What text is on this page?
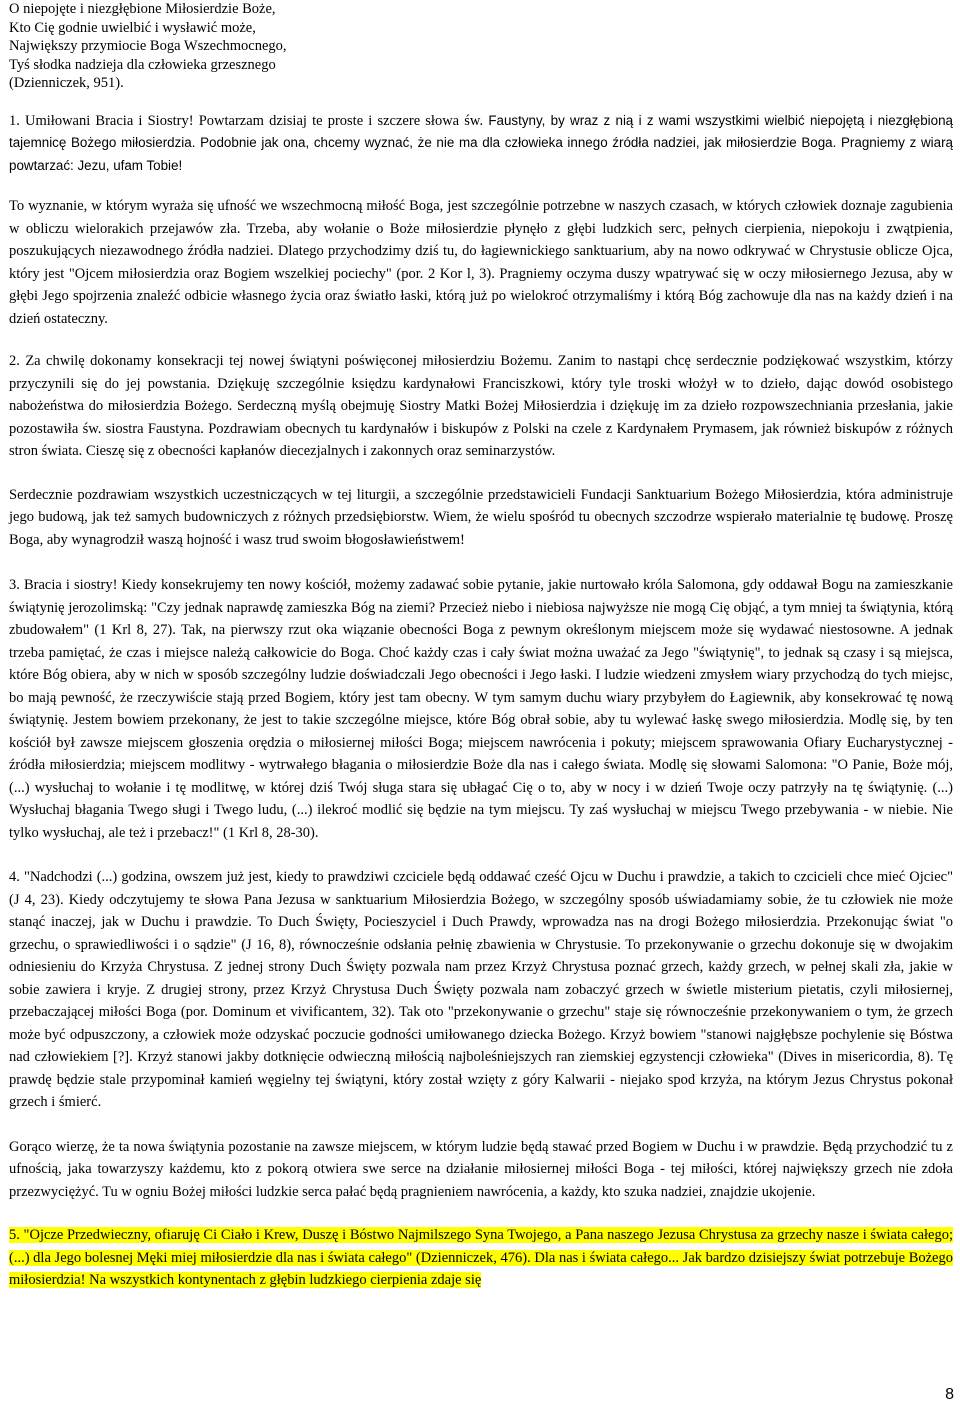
O niepojęte i niezgłębione Miłosierdzie Boże,
Kto Cię godnie uwielbić i wysławić może,
Największy przymiocie Boga Wszechmocnego,
Tyś słodka nadzieja dla człowieka grzesznego
(Dzienniczek, 951).
1. Umiłowani Bracia i Siostry! Powtarzam dzisiaj te proste i szczere słowa św. Faustyny, by wraz z nią i z wami wszystkimi wielbić niepojętą i niezgłębioną tajemnicę Bożego miłosierdzia. Podobnie jak ona, chcemy wyznać, że nie ma dla człowieka innego źródła nadziei, jak miłosierdzie Boga. Pragniemy z wiarą powtarzać: Jezu, ufam Tobie!
To wyznanie, w którym wyraża się ufność we wszechmocną miłość Boga, jest szczególnie potrzebne w naszych czasach, w których człowiek doznaje zagubienia w obliczu wielorakich przejawów zła. Trzeba, aby wołanie o Boże miłosierdzie płynęło z głębi ludzkich serc, pełnych cierpienia, niepokoju i zwątpienia, poszukujących niezawodnego źródła nadziei. Dlatego przychodzimy dziś tu, do łagiewnickiego sanktuarium, aby na nowo odkrywać w Chrystusie oblicze Ojca, który jest "Ojcem miłosierdzia oraz Bogiem wszelkiej pociechy" (por. 2 Kor l, 3). Pragniemy oczyma duszy wpatrywać się w oczy miłosiernego Jezusa, aby w głębi Jego spojrzenia znaleźć odbicie własnego życia oraz światło łaski, którą już po wielokroć otrzymaliśmy i którą Bóg zachowuje dla nas na każdy dzień i na dzień ostateczny.
2. Za chwilę dokonamy konsekracji tej nowej świątyni poświęconej miłosierdziu Bożemu. Zanim to nastąpi chcę serdecznie podziękować wszystkim, którzy przyczynili się do jej powstania. Dziękuję szczególnie księdzu kardynałowi Franciszkowi, który tyle troski włożył w to dzieło, dając dowód osobistego nabożeństwa do miłosierdzia Bożego. Serdeczną myślą obejmuję Siostry Matki Bożej Miłosierdzia i dziękuję im za dzieło rozpowszechniania przesłania, jakie pozostawiła św. siostra Faustyna. Pozdrawiam obecnych tu kardynałów i biskupów z Polski na czele z Kardynałem Prymasem, jak również biskupów z różnych stron świata. Cieszę się z obecności kapłanów diecezjalnych i zakonnych oraz seminarzystów.
Serdecznie pozdrawiam wszystkich uczestniczących w tej liturgii, a szczególnie przedstawicieli Fundacji Sanktuarium Bożego Miłosierdzia, która administruje jego budową, jak też samych budowniczych z różnych przedsiębiorstw. Wiem, że wielu spośród tu obecnych szczodrze wspierało materialnie tę budowę. Proszę Boga, aby wynagrodził waszą hojność i wasz trud swoim błogosławieństwem!
3. Bracia i siostry! Kiedy konsekrujemy ten nowy kościół, możemy zadawać sobie pytanie, jakie nurtowało króla Salomona, gdy oddawał Bogu na zamieszkanie świątynię jerozolimską: "Czy jednak naprawdę zamieszka Bóg na ziemi? Przecież niebo i niebiosa najwyższe nie mogą Cię objąć, a tym mniej ta świątynia, którą zbudowałem" (1 Krl 8, 27). Tak, na pierwszy rzut oka wiązanie obecności Boga z pewnym określonym miejscem może się wydawać niestosowne. A jednak trzeba pamiętać, że czas i miejsce należą całkowicie do Boga. Choć każdy czas i cały świat można uważać za Jego "świątynię", to jednak są czasy i są miejsca, które Bóg obiera, aby w nich w sposób szczególny ludzie doświadczali Jego obecności i Jego łaski. I ludzie wiedzeni zmysłem wiary przychodzą do tych miejsc, bo mają pewność, że rzeczywiście stają przed Bogiem, który jest tam obecny. W tym samym duchu wiary przybyłem do Łagiewnik, aby konsekrować tę nową świątynię. Jestem bowiem przekonany, że jest to takie szczególne miejsce, które Bóg obrał sobie, aby tu wylewać łaskę swego miłosierdzia. Modlę się, by ten kościół był zawsze miejscem głoszenia orędzia o miłosiernej miłości Boga; miejscem nawrócenia i pokuty; miejscem sprawowania Ofiary Eucharystycznej - źródła miłosierdzia; miejscem modlitwy - wytrwałego błagania o miłosierdzie Boże dla nas i całego świata. Modlę się słowami Salomona: "O Panie, Boże mój, (...) wysłuchaj to wołanie i tę modlitwę, w której dziś Twój sługa stara się ubłagać Cię o to, aby w nocy i w dzień Twoje oczy patrzyły na tę świątynię. (...) Wysłuchaj błagania Twego sługi i Twego ludu, (...) ilekroć modlić się będzie na tym miejscu. Ty zaś wysłuchaj w miejscu Twego przebywania - w niebie. Nie tylko wysłuchaj, ale też i przebacz!" (1 Krl 8, 28-30).
4. "Nadchodzi (...) godzina, owszem już jest, kiedy to prawdziwi czciciele będą oddawać cześć Ojcu w Duchu i prawdzie, a takich to czcicieli chce mieć Ojciec" (J 4, 23). Kiedy odczytujemy te słowa Pana Jezusa w sanktuarium Miłosierdzia Bożego, w szczególny sposób uświadamiamy sobie, że tu człowiek nie może stanąć inaczej, jak w Duchu i prawdzie. To Duch Święty, Pocieszyciel i Duch Prawdy, wprowadza nas na drogi Bożego miłosierdzia. Przekonując świat "o grzechu, o sprawiedliwości i o sądzie" (J 16, 8), równocześnie odsłania pełnię zbawienia w Chrystusie. To przekonywanie o grzechu dokonuje się w dwojakim odniesieniu do Krzyża Chrystusa. Z jednej strony Duch Święty pozwala nam przez Krzyż Chrystusa poznać grzech, każdy grzech, w pełnej skali zła, jakie w sobie zawiera i kryje. Z drugiej strony, przez Krzyż Chrystusa Duch Święty pozwala nam zobaczyć grzech w świetle misterium pietatis, czyli miłosiernej, przebaczającej miłości Boga (por. Dominum et vivificantem, 32). Tak oto "przekonywanie o grzechu" staje się równocześnie przekonywaniem o tym, że grzech może być odpuszczony, a człowiek może odzyskać poczucie godności umiłowanego dziecka Bożego. Krzyż bowiem "stanowi najgłębsze pochylenie się Bóstwa nad człowiekiem [?]. Krzyż stanowi jakby dotknięcie odwieczną miłością najboleśniejszych ran ziemskiej egzystencji człowieka" (Dives in misericordia, 8). Tę prawdę będzie stale przypominał kamień węgielny tej świątyni, który został wzięty z góry Kalwarii - niejako spod krzyża, na którym Jezus Chrystus pokonał grzech i śmierć.
Gorąco wierzę, że ta nowa świątynia pozostanie na zawsze miejscem, w którym ludzie będą stawać przed Bogiem w Duchu i w prawdzie. Będą przychodzić tu z ufnością, jaka towarzyszy każdemu, kto z pokorą otwiera swe serce na działanie miłosiernej miłości Boga - tej miłości, której największy grzech nie zdoła przezwyciężyć. Tu w ogniu Bożej miłości ludzkie serca pałać będą pragnieniem nawrócenia, a każdy, kto szuka nadziei, znajdzie ukojenie.
5. "Ojcze Przedwieczny, ofiaruję Ci Ciało i Krew, Duszę i Bóstwo Najmilszego Syna Twojego, a Pana naszego Jezusa Chrystusa za grzechy nasze i świata całego; (...) dla Jego bolesnej Męki miej miłosierdzie dla nas i świata całego" (Dzienniczek, 476). Dla nas i świata całego... Jak bardzo dzisiejszy świat potrzebuje Bożego miłosierdzia! Na wszystkich kontynentach z głębin ludzkiego cierpienia zdaje się
8
